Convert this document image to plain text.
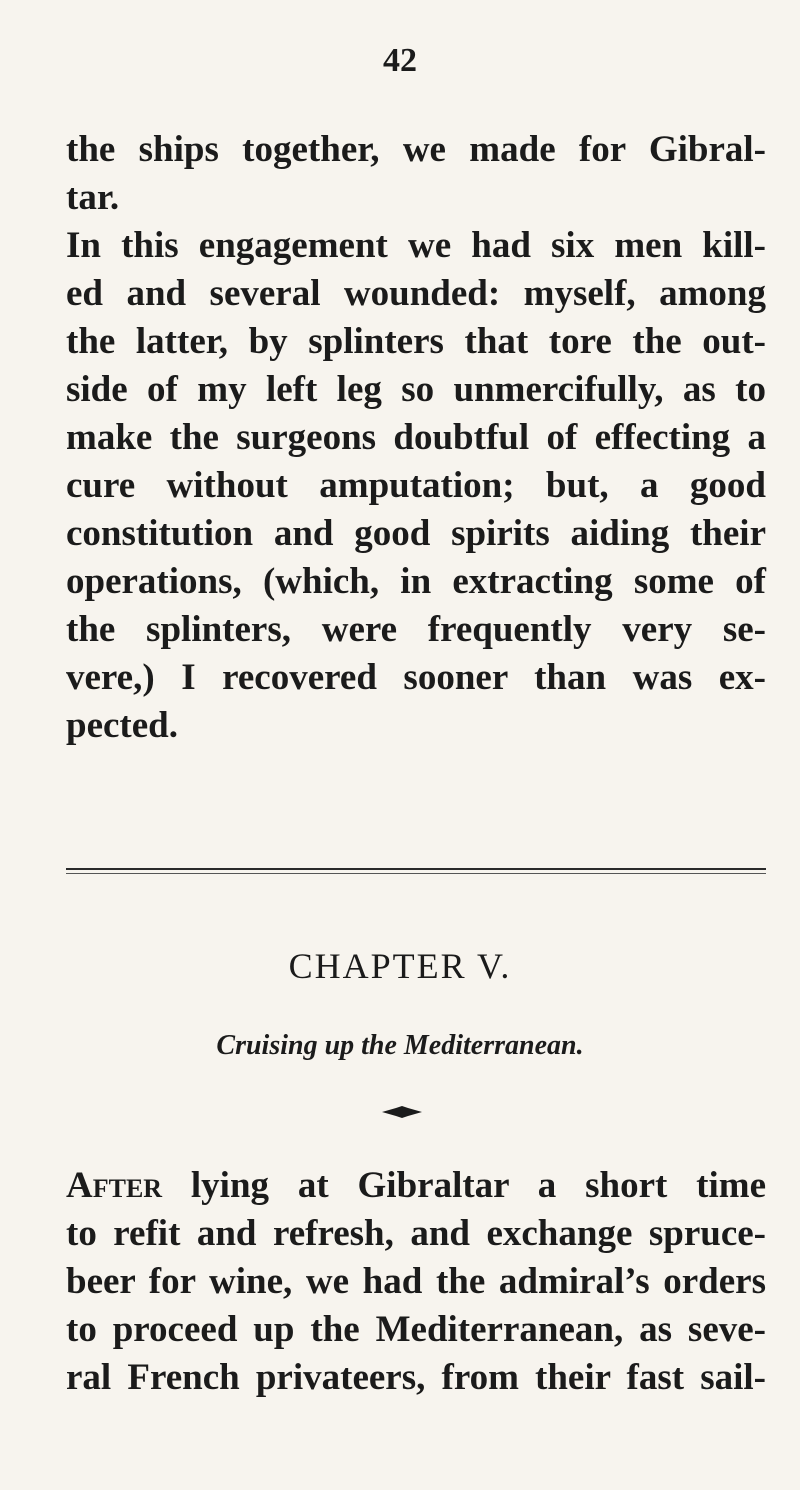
42
the ships together, we made for Gibral-
tar.
In this engagement we had six men kill-
ed and several wounded: myself, among
the latter, by splinters that tore the out-
side of my left leg so unmercifully, as to
make the surgeons doubtful of effecting a
cure without amputation; but, a good
constitution and good spirits aiding their
operations, (which, in extracting some of
the splinters, were frequently very se-
vere,) I recovered sooner than was ex-
pected.
CHAPTER V.
Cruising up the Mediterranean.
After lying at Gibraltar a short time
to refit and refresh, and exchange spruce-
beer for wine, we had the admiral’s orders
to proceed up the Mediterranean, as seve-
ral French privateers, from their fast sail-
